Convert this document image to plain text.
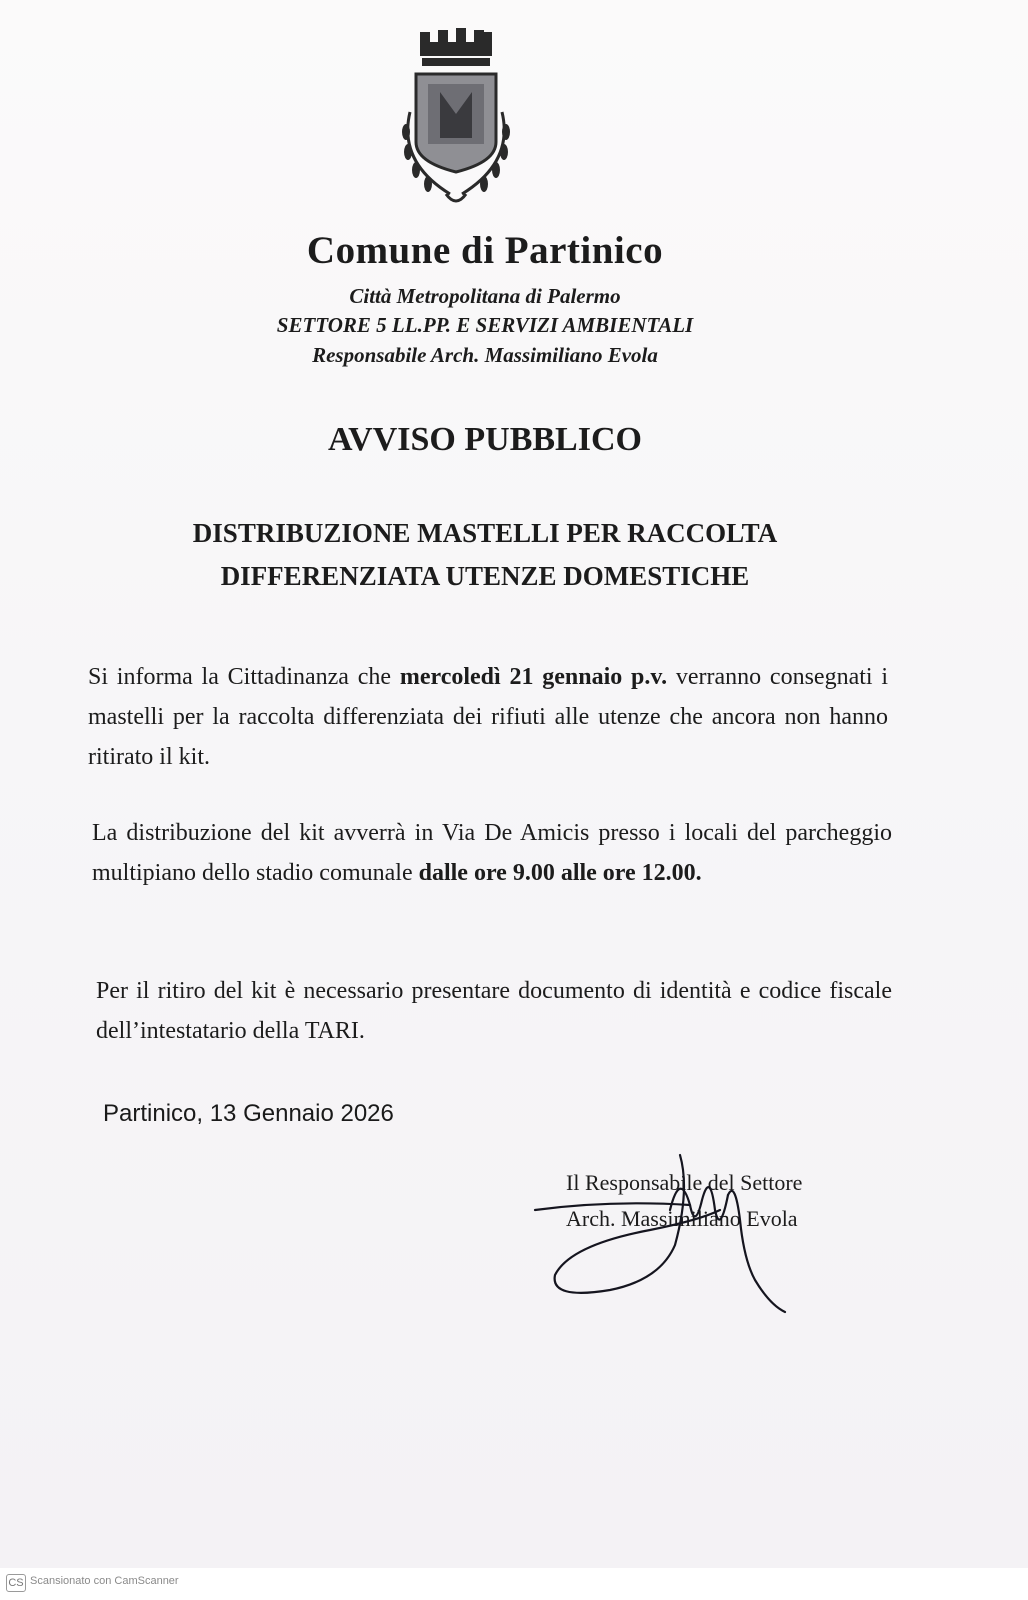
Comune di Partinico
Città Metropolitana di Palermo
SETTORE 5 LL.PP. E SERVIZI AMBIENTALI
Responsabile Arch. Massimiliano Evola
AVVISO PUBBLICO
DISTRIBUZIONE MASTELLI PER RACCOLTA
DIFFERENZIATA UTENZE DOMESTICHE
Si informa la Cittadinanza che mercoledì 21 gennaio p.v. verranno consegnati i mastelli per la raccolta differenziata dei rifiuti alle utenze che ancora non hanno ritirato il kit.
La distribuzione del kit avverrà in Via De Amicis presso i locali del parcheggio multipiano dello stadio comunale dalle ore 9.00 alle ore 12.00.
Per il ritiro del kit è necessario presentare documento di identità e codice fiscale dell’intestatario della TARI.
Partinico, 13 Gennaio 2026
Il Responsabile del Settore
Arch. Massimiliano Evola
CS Scansionato con CamScanner
